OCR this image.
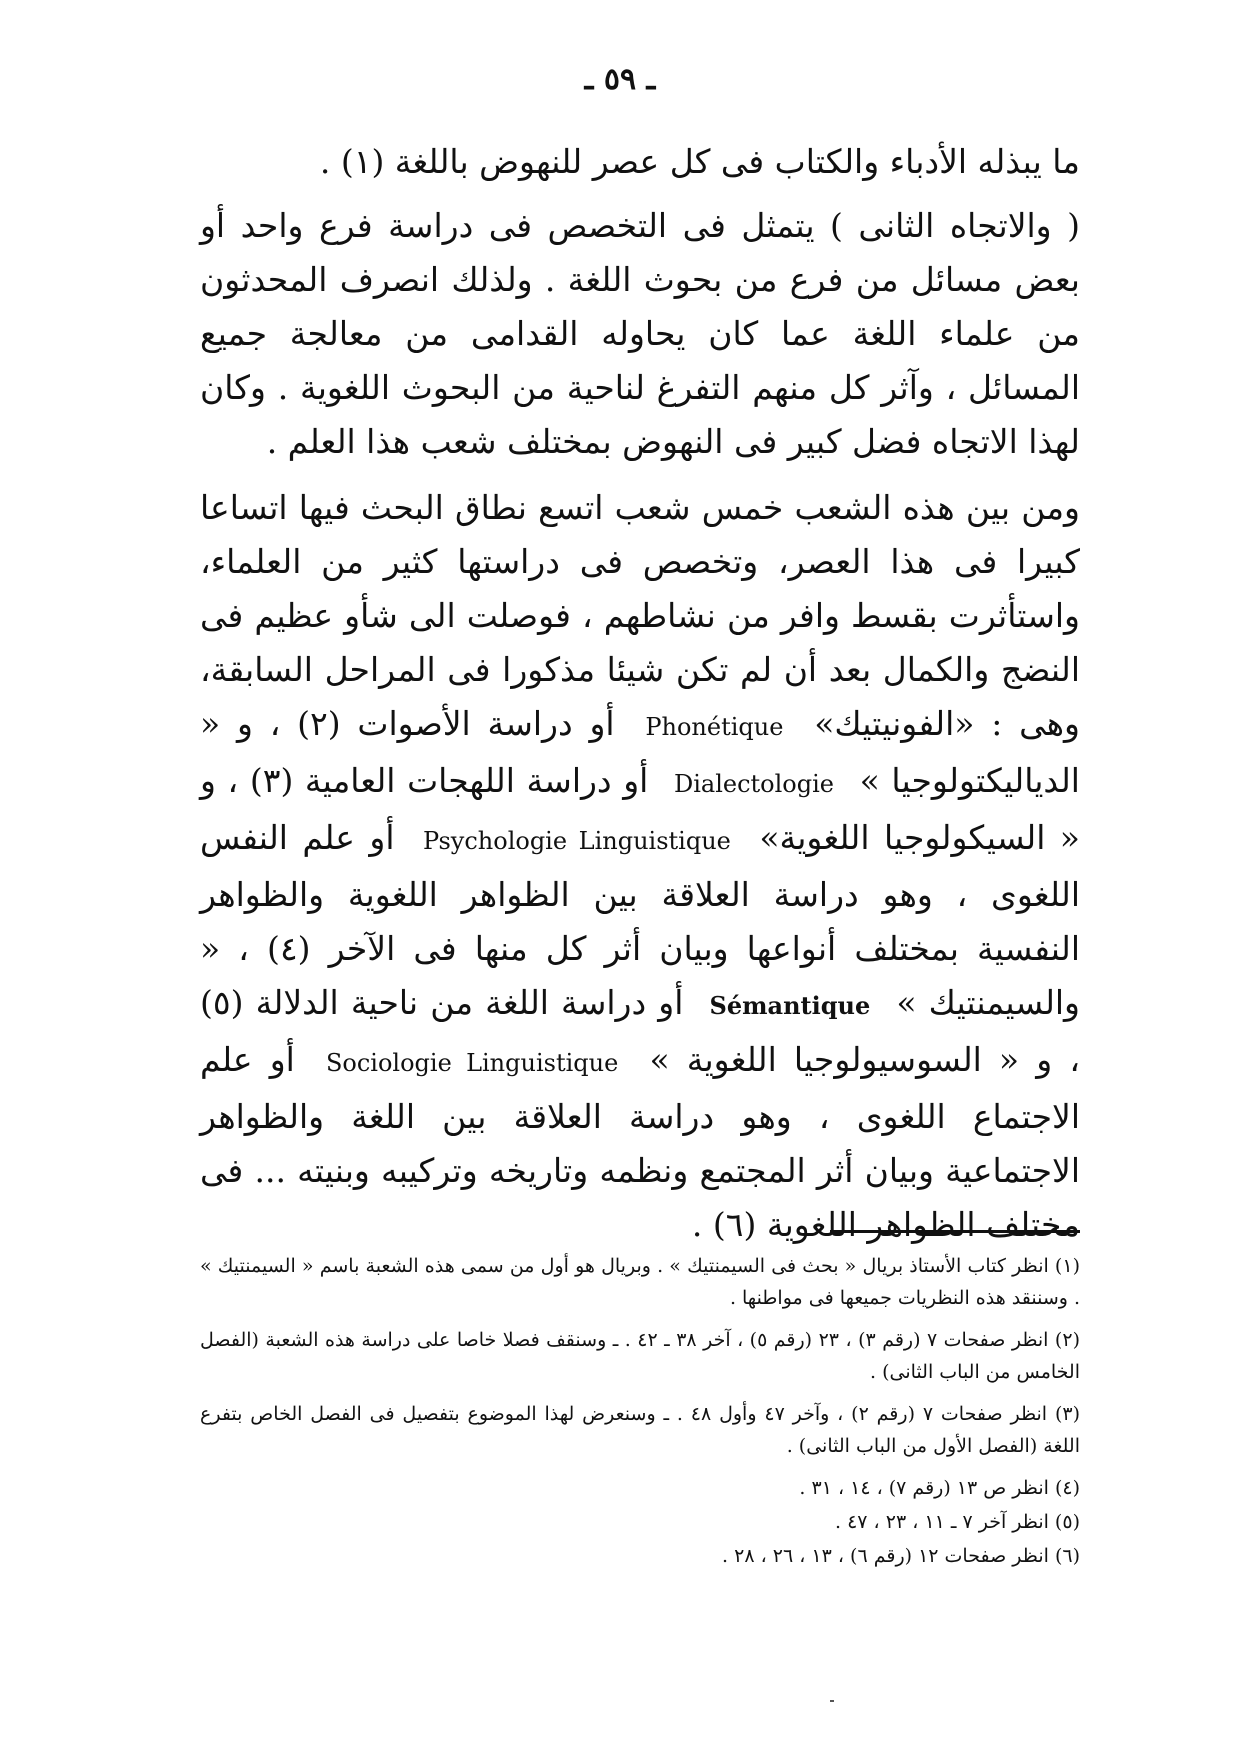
ـ ٥٩ ـ

ما يبذله الأدباء والكتاب فى كل عصر للنهوض باللغة (١) .

( والاتجاه الثانى ) يتمثل فى التخصص فى دراسة فرع واحد أو بعض مسائل من فرع من بحوث اللغة . ولذلك انصرف المحدثون من علماء اللغة عما كان يحاوله القدامى من معالجة جميع المسائل ، وآثر كل منهم التفرغ لناحية من البحوث اللغوية . وكان لهذا الاتجاه فضل كبير فى النهوض بمختلف شعب هذا العلم .

ومن بين هذه الشعب خمس شعب اتسع نطاق البحث فيها اتساعا كبيرا فى هذا العصر، وتخصص فى دراستها كثير من العلماء، واستأثرت بقسط وافر من نشاطهم ، فوصلت الى شأو عظيم فى النضج والكمال بعد أن لم تكن شيئا مذكورا فى المراحل السابقة، وهى : «الفونيتيك» Phonétique أو دراسة الأصوات (٢) ، و « الدياليكتولوجيا » Dialectologie أو دراسة اللهجات العامية (٣) ، و « السيكولوجيا اللغوية» Psychologie Linguistique أو علم النفس اللغوى ، وهو دراسة العلاقة بين الظواهر اللغوية والظواهر النفسية بمختلف أنواعها وبيان أثر كل منها فى الآخر (٤) ، « والسيمنتيك » Sémantique أو دراسة اللغة من ناحية الدلالة (٥) ، و « السوسيولوجيا اللغوية » Sociologie Linguistique أو علم الاجتماع اللغوى ، وهو دراسة العلاقة بين اللغة والظواهر الاجتماعية وبيان أثر المجتمع ونظمه وتاريخه وتركيبه وبنيته ... فى مختلف الظواهر اللغوية (٦) .

(١) انظر كتاب الأستاذ بريال « بحث فى السيمنتيك » . وبريال هو أول من سمى هذه الشعبة باسم « السيمنتيك » . وسننقد هذه النظريات جميعها فى مواطنها .

(٢) انظر صفحات ٧ (رقم ٣) ، ٢٣ (رقم ٥) ، آخر ٣٨ ـ ٤٢ . ـ وسنقف فصلا خاصا على دراسة هذه الشعبة (الفصل الخامس من الباب الثانى) .

(٣) انظر صفحات ٧ (رقم ٢) ، وآخر ٤٧ وأول ٤٨ . ـ وسنعرض لهذا الموضوع بتفصيل فى الفصل الخاص بتفرع اللغة (الفصل الأول من الباب الثانى) .

(٤) انظر ص ١٣ (رقم ٧) ، ١٤ ، ٣١ .

(٥) انظر آخر ٧ ـ ١١ ، ٢٣ ، ٤٧ .

(٦) انظر صفحات ١٢ (رقم ٦) ، ١٣ ، ٢٦ ، ٢٨ .
